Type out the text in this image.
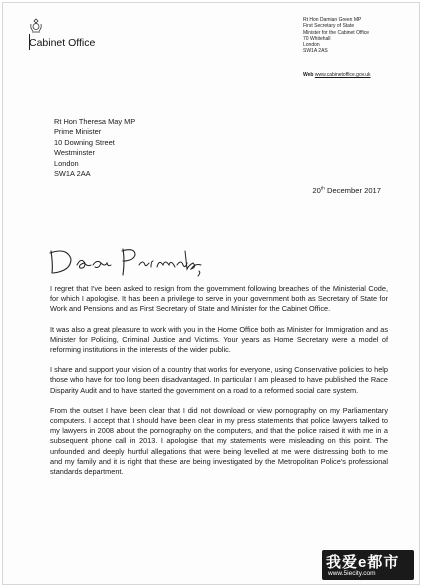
Cabinet Office
Rt Hon Damian Green MP
First Secretary of State
Minister for the Cabinet Office
70 Whitehall
London
SW1A 2AS
Web www.cabinetoffice.gov.uk
Rt Hon Theresa May MP
Prime Minister
10 Downing Street
Westminster
London
SW1A 2AA
20th December 2017

I regret that I've been asked to resign from the government following breaches of the Ministerial Code, for which I apologise. It has been a privilege to serve in your government both as Secretary of State for Work and Pensions and as First Secretary of State and Minister for the Cabinet Office.

It was also a great pleasure to work with you in the Home Office both as Minister for Immigration and as Minister for Policing, Criminal Justice and Victims. Your years as Home Secretary were a model of reforming institutions in the interests of the wider public.

I share and support your vision of a country that works for everyone, using Conservative policies to help those who have for too long been disadvantaged. In particular I am pleased to have published the Race Disparity Audit and to have started the government on a road to a reformed social care system.

From the outset I have been clear that I did not download or view pornography on my Parliamentary computers. I accept that I should have been clear in my press statements that police lawyers talked to my lawyers in 2008 about the pornography on the computers, and that the police raised it with me in a subsequent phone call in 2013. I apologise that my statements were misleading on this point. The unfounded and deeply hurtful allegations that were being levelled at me were distressing both to me and my family and it is right that these are being investigated by the Metropolitan Police's professional standards department.

我爱e都市
www.5iecity.com
